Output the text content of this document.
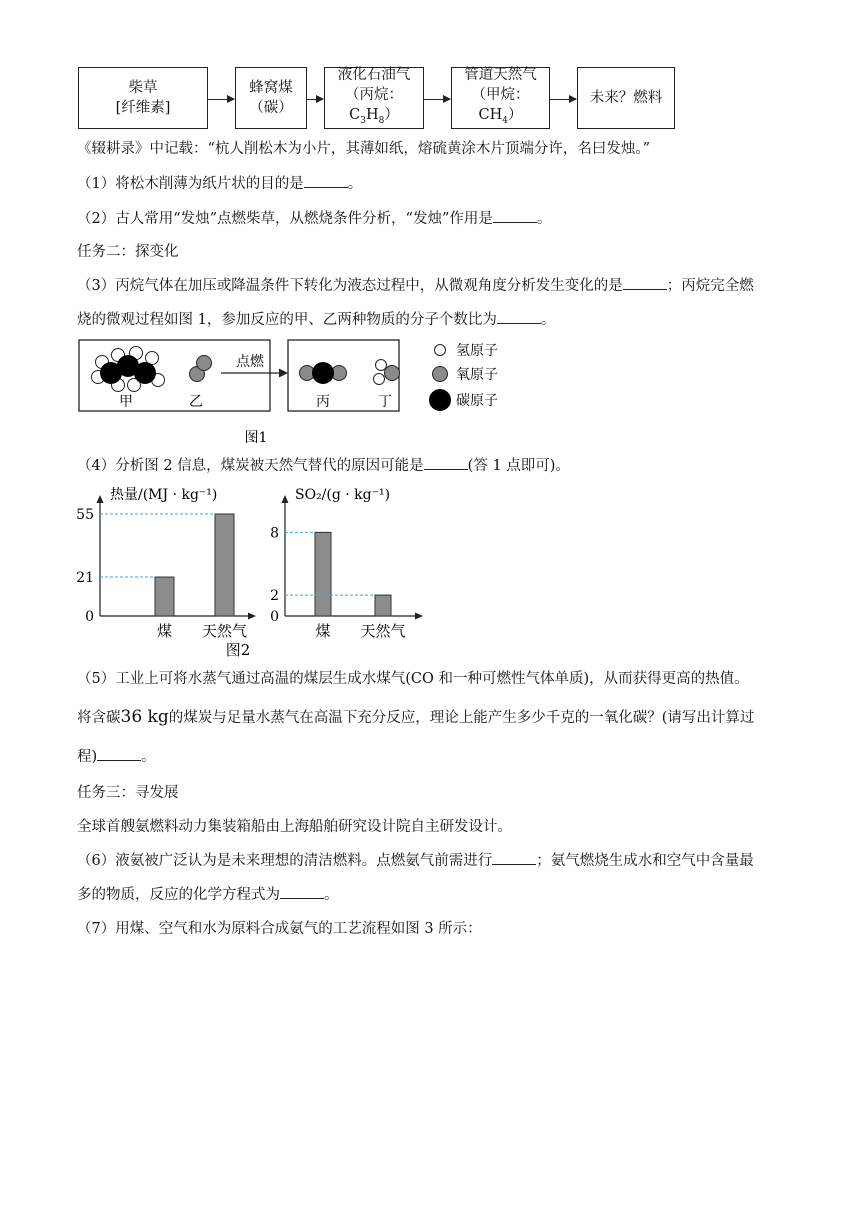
柴草
[纤维素]
蜂窝煤
（碳）
液化石油气
（丙烷：$C_3H_8$）
管道天然气
（甲烷：$CH_4$）
未来？燃料
《辍耕录》中记载：“杭人削松木为小片，其薄如纸，熔硫黄涂木片顶端分许，名曰发烛。”
（1）将松木削薄为纸片状的目的是	。
（2）古人常用“发烛”点燃柴草，从燃烧条件分析，“发烛”作用是	。
任务二：探变化
（3）丙烷气体在加压或降温条件下转化为液态过程中，从微观角度分析发生变化的是	；丙烷完全燃
烧的微观过程如图 1，参加反应的甲、乙两种物质的分子个数比为	。
甲	乙
点燃
丙	丁
氢原子
氧原子
碳原子
图1
（4）分析图 2 信息，煤炭被天然气替代的原因可能是	(答 1 点即可)。
热量/(MJ · kg⁻¹)
0
21
55
煤 天然气
SO₂/(g · kg⁻¹)
0
2
8
煤 天然气
图2
（5）工业上可将水蒸气通过高温的煤层生成水煤气(CO 和一种可燃性气体单质)，从而获得更高的热值。
将含碳36 kg的煤炭与足量水蒸气在高温下充分反应，理论上能产生多少千克的一氧化碳？(请写出计算过
程)	。
任务三：寻发展
全球首艘氨燃料动力集装箱船由上海船舶研究设计院自主研发设计。
（6）液氨被广泛认为是未来理想的清洁燃料。点燃氨气前需进行	；氨气燃烧生成水和空气中含量最
多的物质，反应的化学方程式为	。
（7）用煤、空气和水为原料合成氨气的工艺流程如图 3 所示：
